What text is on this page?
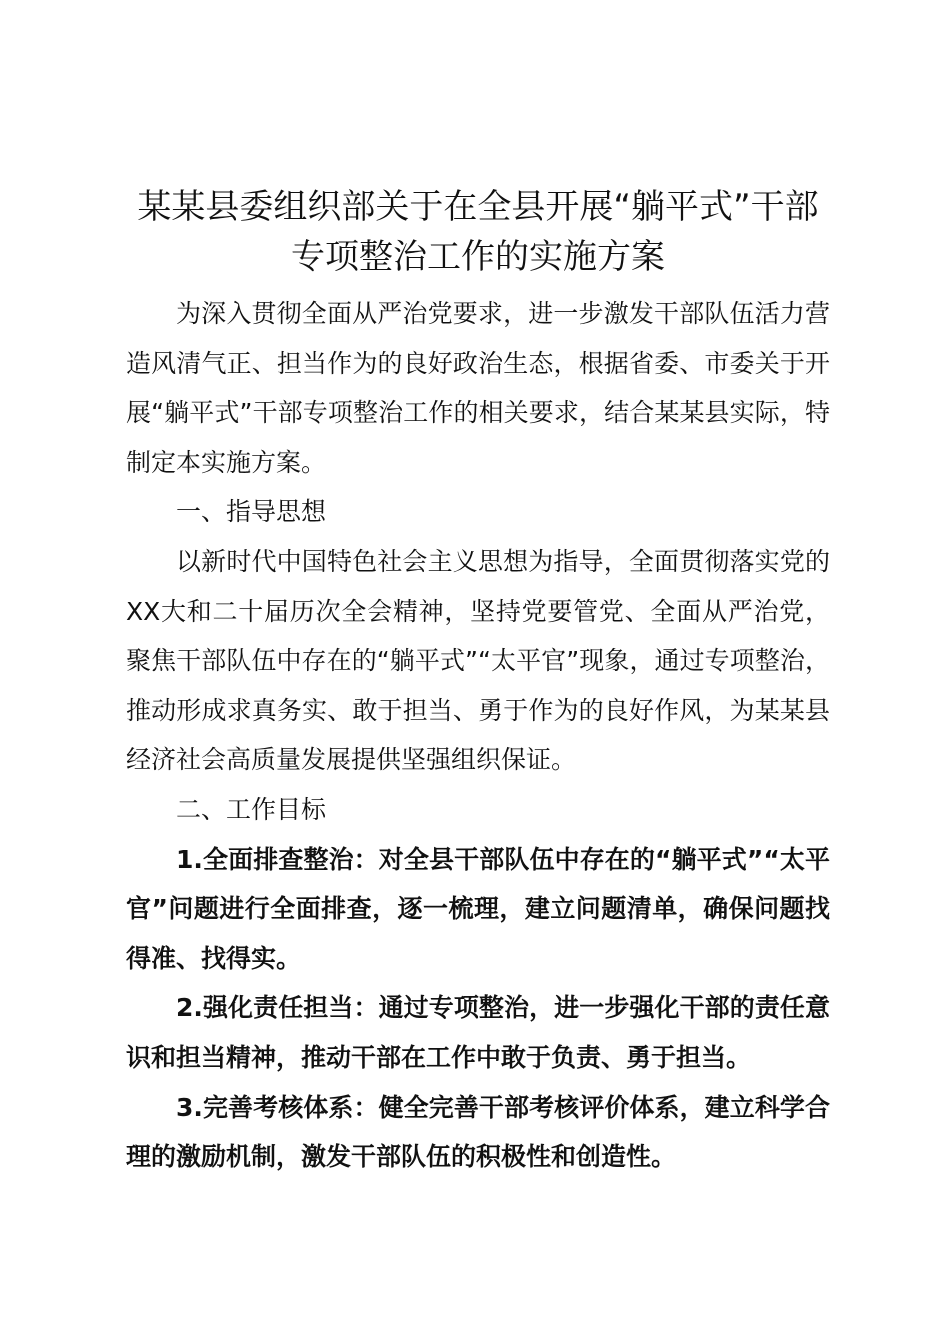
某某县委组织部关于在全县开展“躺平式”干部专项整治工作的实施方案

为深入贯彻全面从严治党要求，进一步激发干部队伍活力营造风清气正、担当作为的良好政治生态，根据省委、市委关于开展“躺平式”干部专项整治工作的相关要求，结合某某县实际，特制定本实施方案。

一、指导思想

以新时代中国特色社会主义思想为指导，全面贯彻落实党的XX大和二十届历次全会精神，坚持党要管党、全面从严治党，聚焦干部队伍中存在的“躺平式”“太平官”现象，通过专项整治，推动形成求真务实、敢于担当、勇于作为的良好作风，为某某县经济社会高质量发展提供坚强组织保证。

二、工作目标

1.全面排查整治：对全县干部队伍中存在的“躺平式”“太平官”问题进行全面排查，逐一梳理，建立问题清单，确保问题找得准、找得实。

2.强化责任担当：通过专项整治，进一步强化干部的责任意识和担当精神，推动干部在工作中敢于负责、勇于担当。

3.完善考核体系：健全完善干部考核评价体系，建立科学合理的激励机制，激发干部队伍的积极性和创造性。
